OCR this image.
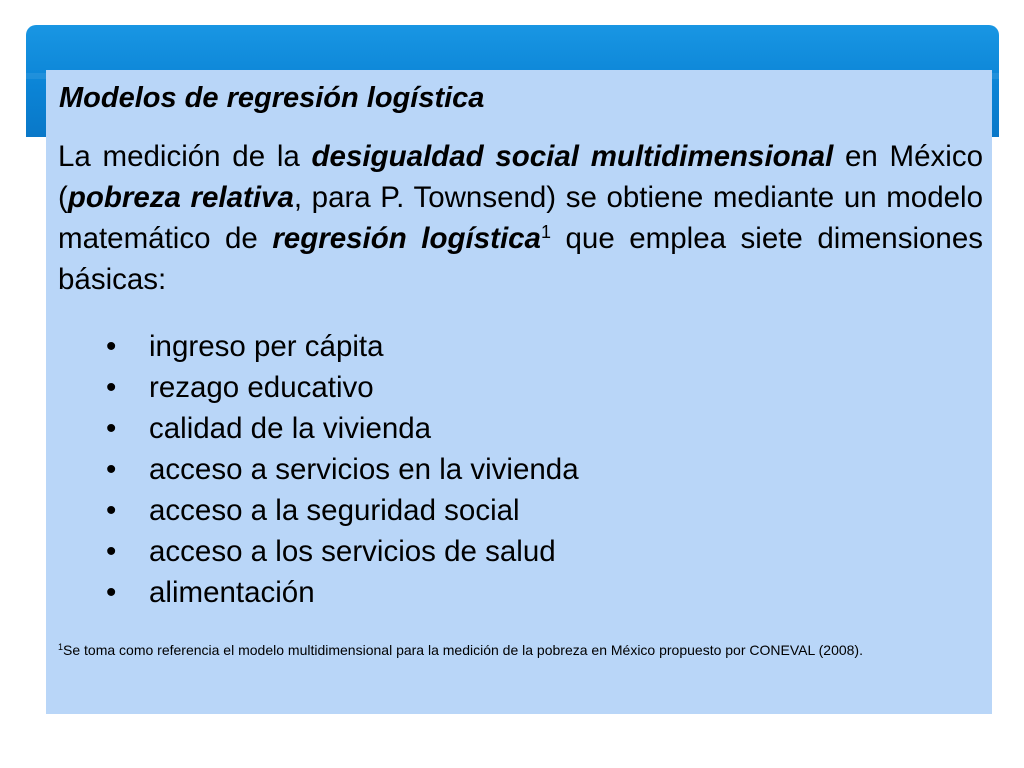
Modelos de regresión logística

La medición de la desigualdad social multidimensional en México (pobreza relativa, para P. Townsend) se obtiene mediante un modelo matemático de regresión logística$^1$ que emplea siete dimensiones básicas:

• ingreso per cápita
• rezago educativo
• calidad de la vivienda
• acceso a servicios en la vivienda
• acceso a la seguridad social
• acceso a los servicios de salud
• alimentación

$^1$Se toma como referencia el modelo multidimensional para la medición de la pobreza en México propuesto por CONEVAL (2008).
